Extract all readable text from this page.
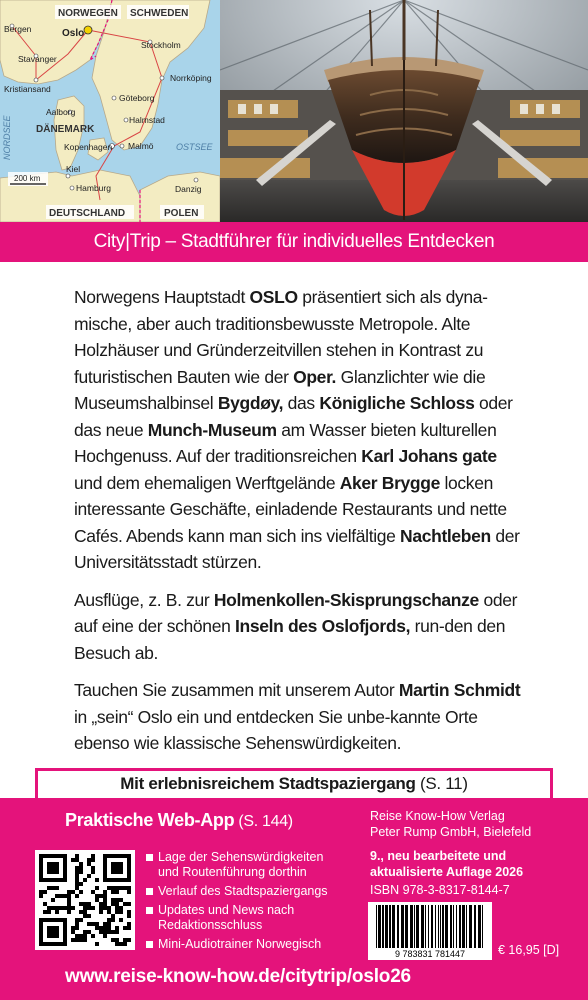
NORWEGEN SCHWEDEN
DÄNEMARK
DEUTSCHLAND	POLEN
NORDSEE	OSTSEE
Bergen	Oslo
Stockholm
Stavanger
Norrköping
Kristiansand
Göteborg
Aalborg
Halmstad
Kopenhagen Malmö
Kiel
Hamburg	Danzig
200 km
City|Trip – Stadtführer für individuelles Entdecken

Norwegens Hauptstadt OSLO präsentiert sich als dyna-mische, aber auch traditionsbewusste Metropole. Alte Holzhäuser und Gründerzeitvillen stehen in Kontrast zu futuristischen Bauten wie der Oper. Glanzlichter wie die Museumshalbinsel Bygdøy, das Königliche Schloss oder das neue Munch-Museum am Wasser bieten kulturellen Hochgenuss. Auf der traditionsreichen Karl Johans gate und dem ehemaligen Werftgelände Aker Brygge locken interessante Geschäfte, einladende Restaurants und nette Cafés. Abends kann man sich ins vielfältige Nachtleben der Universitätsstadt stürzen.

Ausflüge, z. B. zur Holmenkollen-Skisprungschanze oder auf eine der schönen Inseln des Oslofjords, run-den den Besuch ab.

Tauchen Sie zusammen mit unserem Autor Martin Schmidt in „sein“ Oslo ein und entdecken Sie unbe-kannte Orte ebenso wie klassische Sehenswürdigkeiten.

Mit erlebnisreichem Stadtspaziergang (S. 11)
Praktische Web-App (S. 144)
Lage der Sehenswürdigkeiten und Routenführung dorthin
Verlauf des Stadtspaziergangs
Updates und News nach Redaktionsschluss
Mini-Audiotrainer Norwegisch
Reise Know-How Verlag
Peter Rump GmbH, Bielefeld
9., neu bearbeitete und
aktualisierte Auflage 2026
ISBN 978-3-8317-8144-7
9 783831 781447	€ 16,95 [D]
www.reise-know-how.de/citytrip/oslo26
